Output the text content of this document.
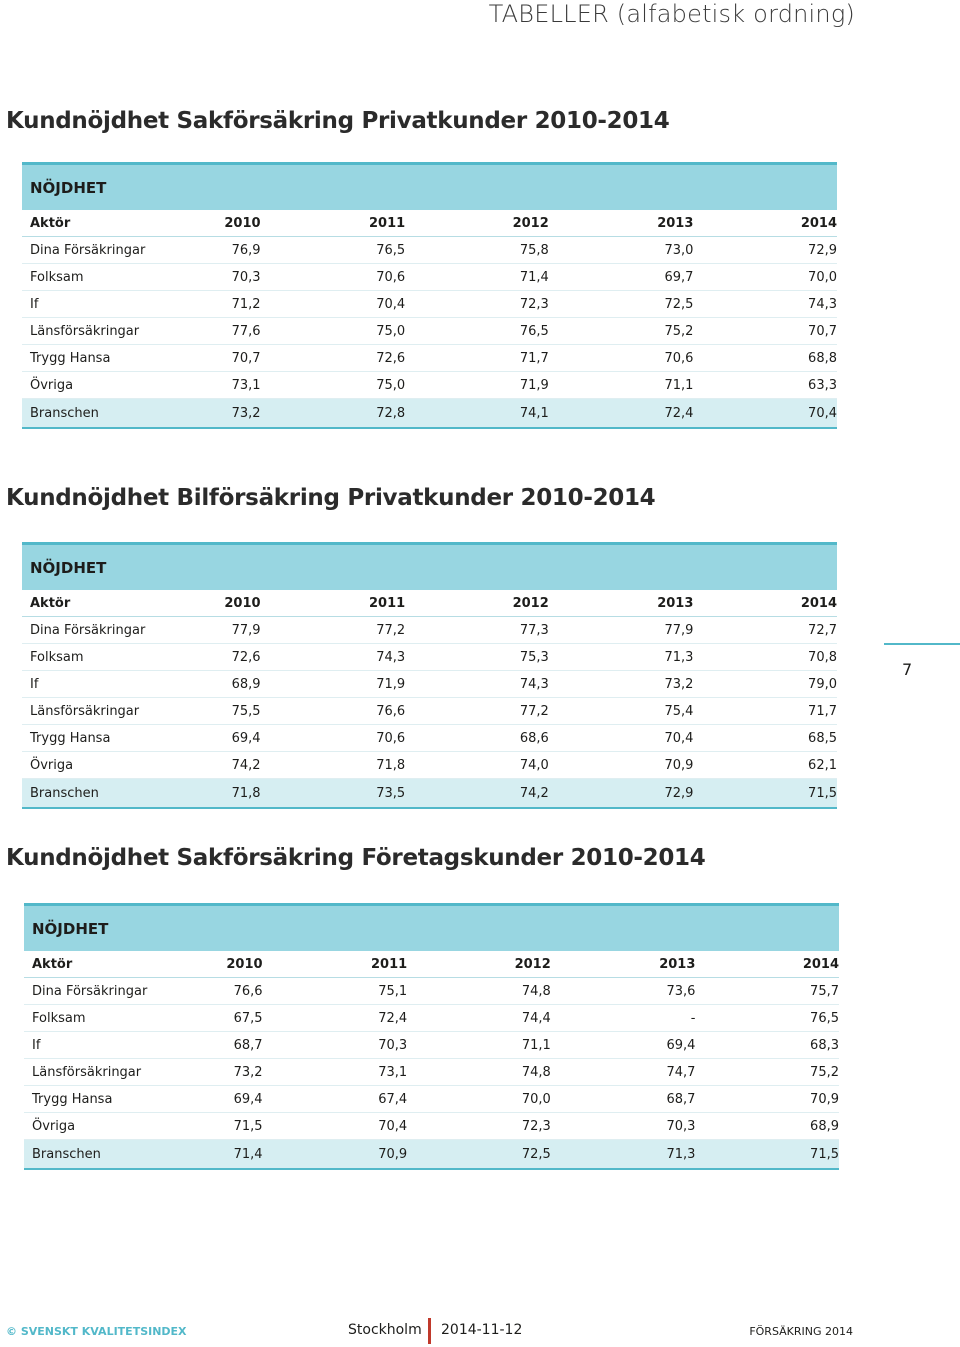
TABELLER (alfabetisk ordning)
Kundnöjdhet Sakförsäkring Privatkunder 2010-2014
NÖJDHET
Aktör	2010	2011	2012	2013	2014
Dina Försäkringar	76,9	76,5	75,8	73,0	72,9
Folksam	70,3	70,6	71,4	69,7	70,0
If	71,2	70,4	72,3	72,5	74,3
Länsförsäkringar	77,6	75,0	76,5	75,2	70,7
Trygg Hansa	70,7	72,6	71,7	70,6	68,8
Övriga	73,1	75,0	71,9	71,1	63,3
Branschen	73,2	72,8	74,1	72,4	70,4
Kundnöjdhet Bilförsäkring Privatkunder 2010-2014
NÖJDHET
Aktör	2010	2011	2012	2013	2014
Dina Försäkringar	77,9	77,2	77,3	77,9	72,7
Folksam	72,6	74,3	75,3	71,3	70,8
If	68,9	71,9	74,3	73,2	79,0
Länsförsäkringar	75,5	76,6	77,2	75,4	71,7
Trygg Hansa	69,4	70,6	68,6	70,4	68,5
Övriga	74,2	71,8	74,0	70,9	62,1
Branschen	71,8	73,5	74,2	72,9	71,5
Kundnöjdhet Sakförsäkring Företagskunder 2010-2014
NÖJDHET
Aktör	2010	2011	2012	2013	2014
Dina Försäkringar	76,6	75,1	74,8	73,6	75,7
Folksam	67,5	72,4	74,4	-	76,5
If	68,7	70,3	71,1	69,4	68,3
Länsförsäkringar	73,2	73,1	74,8	74,7	75,2
Trygg Hansa	69,4	67,4	70,0	68,7	70,9
Övriga	71,5	70,4	72,3	70,3	68,9
Branschen	71,4	70,9	72,5	71,3	71,5
7
© SVENSKT KVALITETSINDEX	Stockholm 2014-11-12	FÖRSÄKRING 2014
